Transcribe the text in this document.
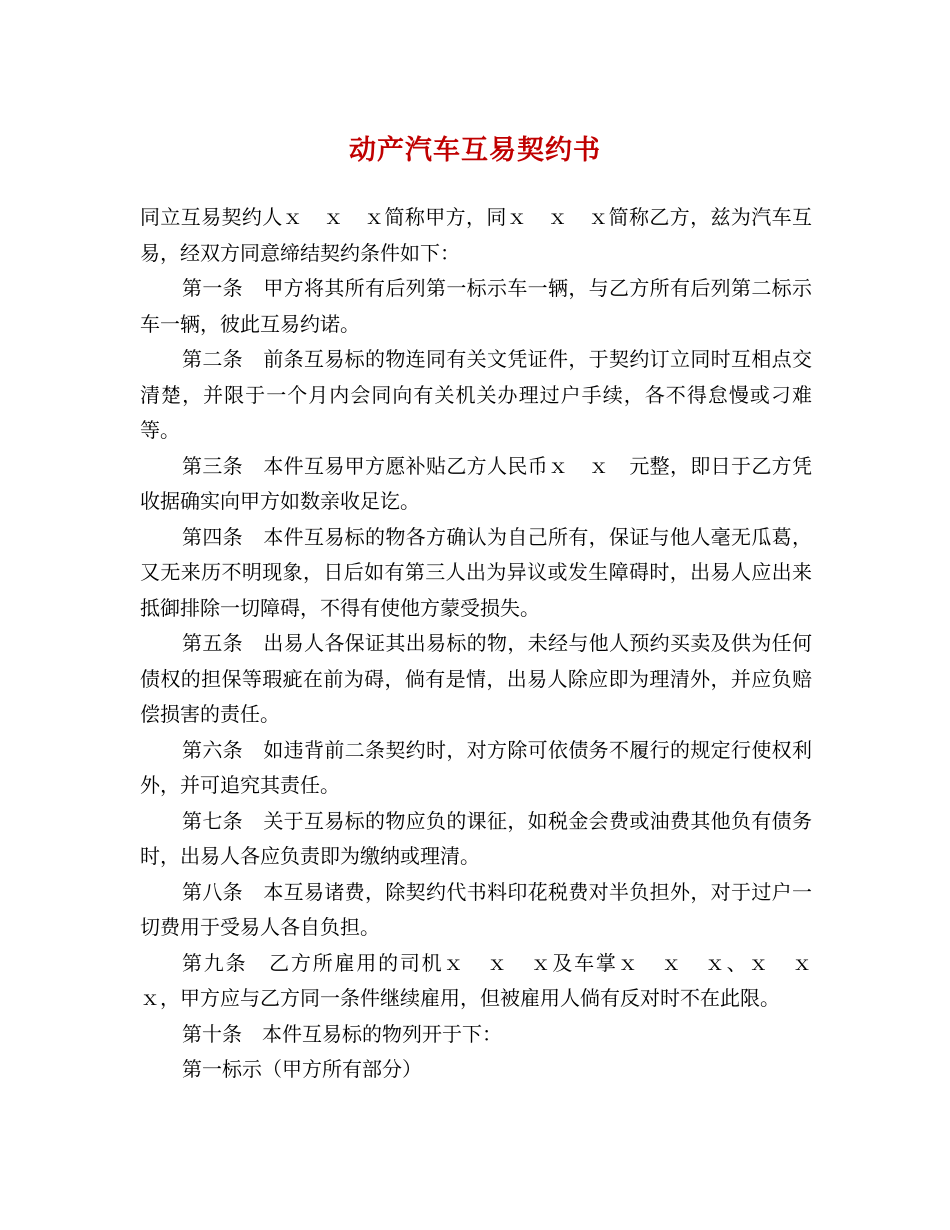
动产汽车互易契约书

同立互易契约人ｘ　ｘ　ｘ简称甲方，同ｘ　ｘ　ｘ简称乙方，兹为汽车互易，经双方同意缔结契约条件如下：

第一条　甲方将其所有后列第一标示车一辆，与乙方所有后列第二标示车一辆，彼此互易约诺。

第二条　前条互易标的物连同有关文凭证件，于契约订立同时互相点交清楚，并限于一个月内会同向有关机关办理过户手续，各不得怠慢或刁难等。

第三条　本件互易甲方愿补贴乙方人民币ｘ　ｘ　元整，即日于乙方凭收据确实向甲方如数亲收足讫。

第四条　本件互易标的物各方确认为自己所有，保证与他人毫无瓜葛，又无来历不明现象，日后如有第三人出为异议或发生障碍时，出易人应出来抵御排除一切障碍，不得有使他方蒙受损失。

第五条　出易人各保证其出易标的物，未经与他人预约买卖及供为任何债权的担保等瑕疵在前为碍，倘有是情，出易人除应即为理清外，并应负赔偿损害的责任。

第六条　如违背前二条契约时，对方除可依债务不履行的规定行使权利外，并可追究其责任。

第七条　关于互易标的物应负的课征，如税金会费或油费其他负有债务时，出易人各应负责即为缴纳或理清。

第八条　本互易诸费，除契约代书料印花税费对半负担外，对于过户一切费用于受易人各自负担。

第九条　乙方所雇用的司机ｘ　ｘ　ｘ及车掌ｘ　ｘ　ｘ、ｘ　ｘ　ｘ，甲方应与乙方同一条件继续雇用，但被雇用人倘有反对时不在此限。

第十条　本件互易标的物列开于下：

第一标示（甲方所有部分）
